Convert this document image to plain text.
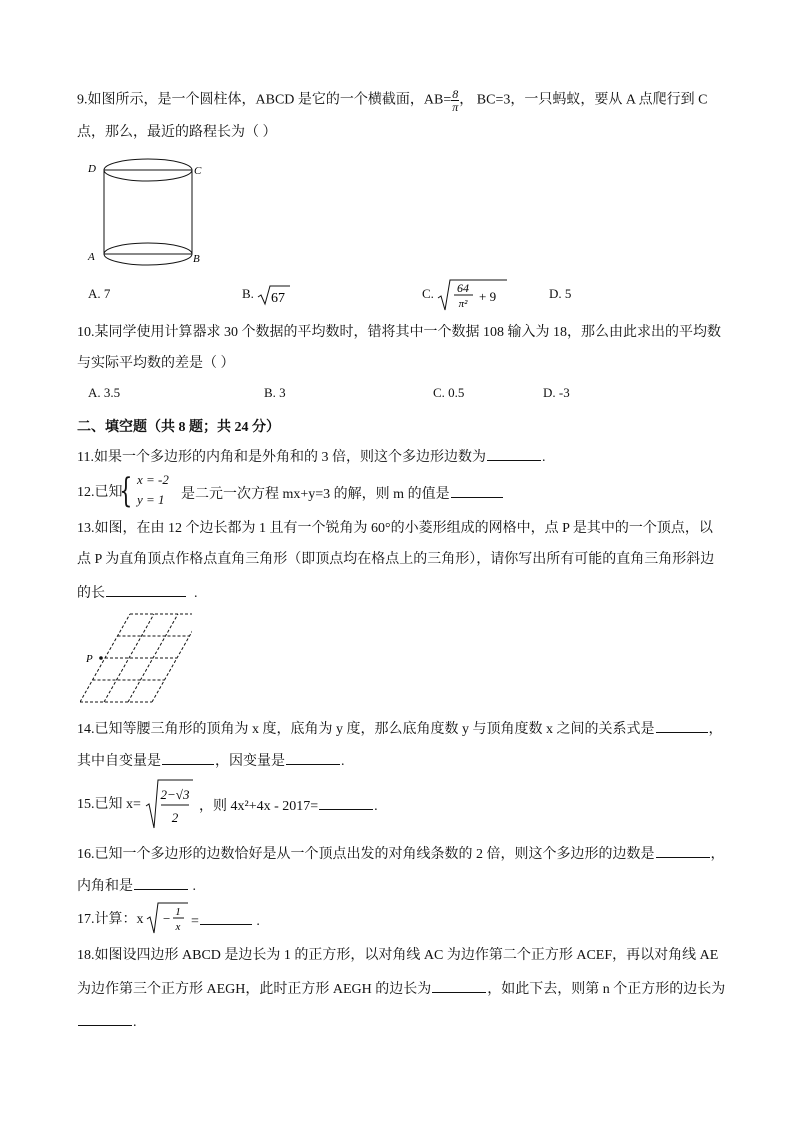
9.如图所示，是一个圆柱体，ABCD 是它的一个横截面，$AB= \frac{8}{\pi}$ ， BC=3，一只蚂蚁，要从 A 点爬行到 C
点，那么，最近的路程长为（ ）
D	C
A	B
A. 7	B. 67	C. 64
π² + 9	D. 5
10.某同学使用计算器求 30 个数据的平均数时，错将其中一个数据 108 输入为 18，那么由此求出的平均数
与实际平均数的差是（ ）
A. 3.5	B. 3	C. 0.5	D. -3
二、填空题（共 8 题；共 24 分）
11.如果一个多边形的内角和是外角和的 3 倍，则这个多边形边数为	.
12.已知
{ x = -2
y = 1 是二元一次方程 mx+y=3 的解，则 m 的值是
13.如图，在由 12 个边长都为 1 且有一个锐角为 60°的小菱形组成的网格中，点 P 是其中的一个顶点，以
点 P 为直角顶点作格点直角三角形（即顶点均在格点上的三角形），请你写出所有可能的直角三角形斜边
的长	.
P
14.已知等腰三角形的顶角为 x 度，底角为 y 度，那么底角度数 y 与顶角度数 x 之间的关系式是	，
其中自变量是	，因变量是	.
15.已知 x=
2−√3
2
，则 4x²+4x - 2017=	.
16.已知一个多边形的边数恰好是从一个顶点出发的对角线条数的 2 倍，则这个多边形的边数是	，
内角和是	.
17.计算：x − 1
x =	.
18.如图设四边形 ABCD 是边长为 1 的正方形，以对角线 AC 为边作第二个正方形 ACEF，再以对角线 AE
为边作第三个正方形 AEGH，此时正方形 AEGH 的边长为	，如此下去，则第 n 个正方形的边长为
.
